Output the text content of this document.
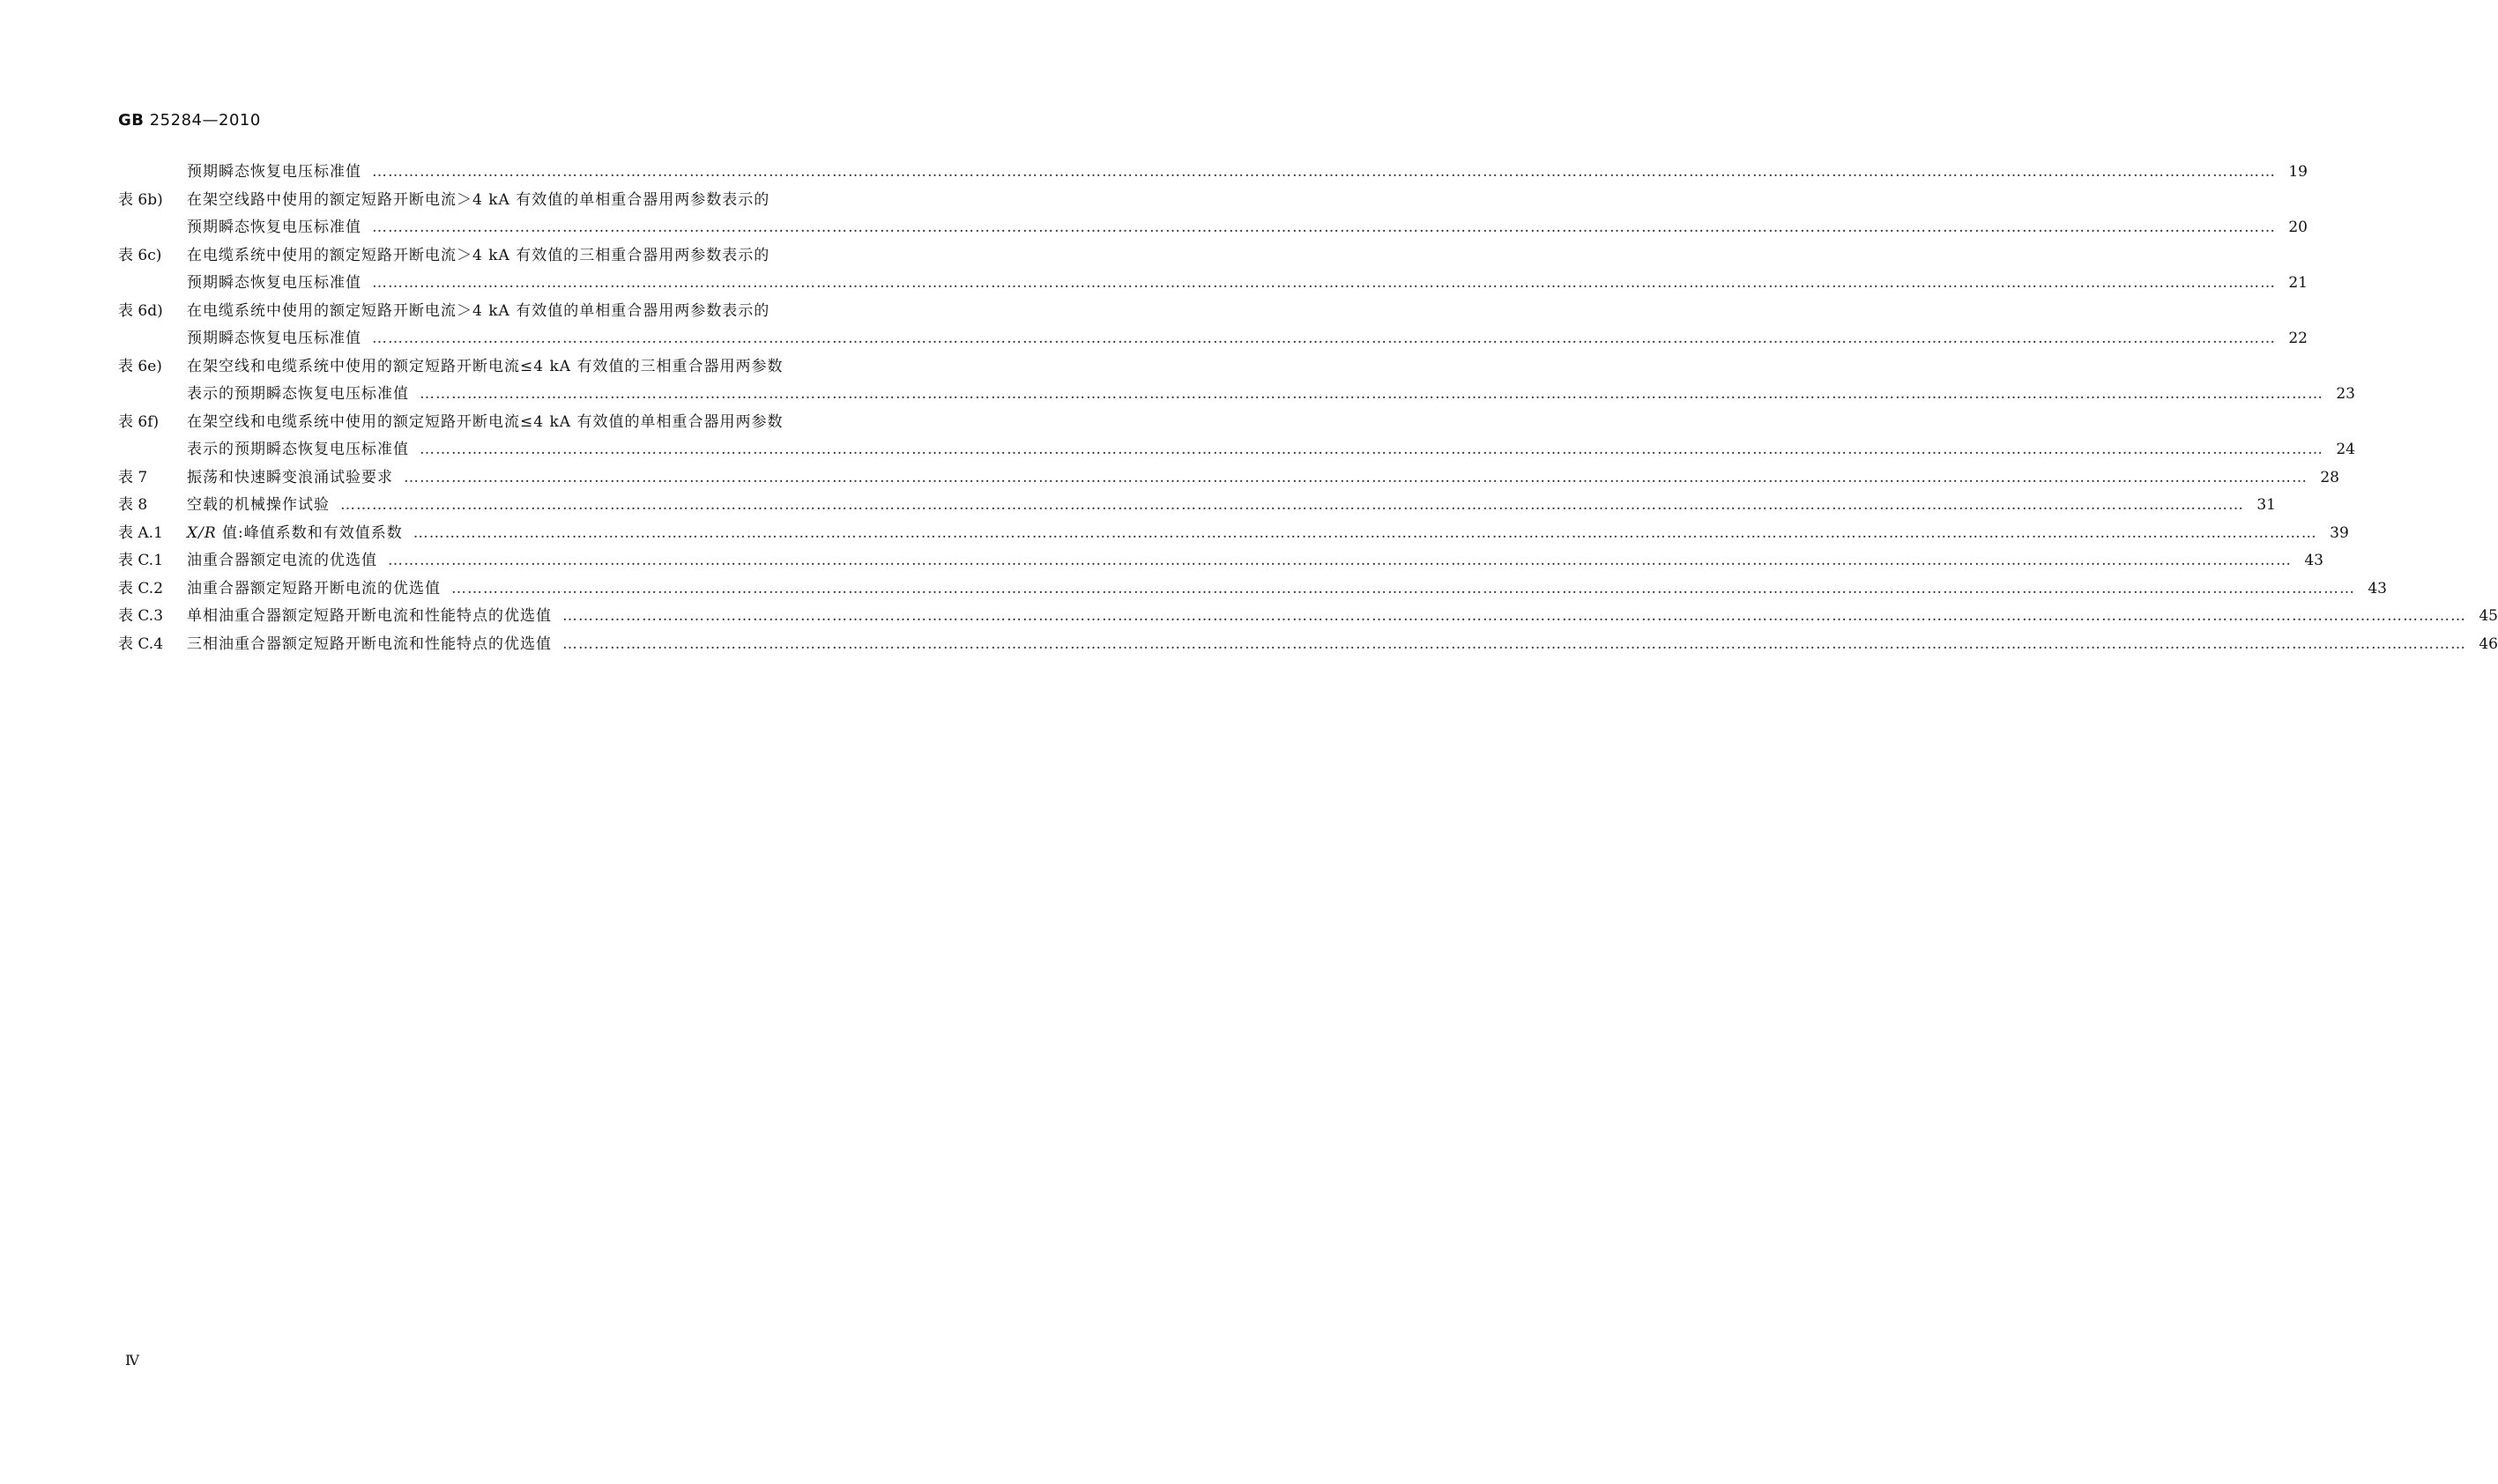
GB 25284—2010
预期瞬态恢复电压标准值 ……………………………………………………………………………………………………………………………………………………………………………………………………………………………………………………………………………………………………………………………… 19
表 6b)	在架空线路中使用的额定短路开断电流＞4 kA 有效值的单相重合器用两参数表示的
预期瞬态恢复电压标准值 ……………………………………………………………………………………………………………………………………………………………………………………………………………………………………………………………………………………………………………………………… 20
表 6c)	在电缆系统中使用的额定短路开断电流＞4 kA 有效值的三相重合器用两参数表示的
预期瞬态恢复电压标准值 ……………………………………………………………………………………………………………………………………………………………………………………………………………………………………………………………………………………………………………………………… 21
表 6d)	在电缆系统中使用的额定短路开断电流＞4 kA 有效值的单相重合器用两参数表示的
预期瞬态恢复电压标准值 ……………………………………………………………………………………………………………………………………………………………………………………………………………………………………………………………………………………………………………………………… 22
表 6e)	在架空线和电缆系统中使用的额定短路开断电流≤4 kA 有效值的三相重合器用两参数
表示的预期瞬态恢复电压标准值 ……………………………………………………………………………………………………………………………………………………………………………………………………………………………………………………………………………………………………………………………… 23
表 6f)	在架空线和电缆系统中使用的额定短路开断电流≤4 kA 有效值的单相重合器用两参数
表示的预期瞬态恢复电压标准值 ……………………………………………………………………………………………………………………………………………………………………………………………………………………………………………………………………………………………………………………………… 24
表 7	振荡和快速瞬变浪涌试验要求 ……………………………………………………………………………………………………………………………………………………………………………………………………………………………………………………………………………………………………………………………… 28
表 8	空载的机械操作试验 ……………………………………………………………………………………………………………………………………………………………………………………………………………………………………………………………………………………………………………………………… 31
表 A.1	X/R 值:峰值系数和有效值系数 ……………………………………………………………………………………………………………………………………………………………………………………………………………………………………………………………………………………………………………………………… 39
表 C.1	油重合器额定电流的优选值 ……………………………………………………………………………………………………………………………………………………………………………………………………………………………………………………………………………………………………………………………… 43
表 C.2	油重合器额定短路开断电流的优选值 ……………………………………………………………………………………………………………………………………………………………………………………………………………………………………………………………………………………………………………………………… 43
表 C.3	单相油重合器额定短路开断电流和性能特点的优选值 ……………………………………………………………………………………………………………………………………………………………………………………………………………………………………………………………………………………………………………………………… 45
表 C.4	三相油重合器额定短路开断电流和性能特点的优选值 ……………………………………………………………………………………………………………………………………………………………………………………………………………………………………………………………………………………………………………………………… 46
Ⅳ
